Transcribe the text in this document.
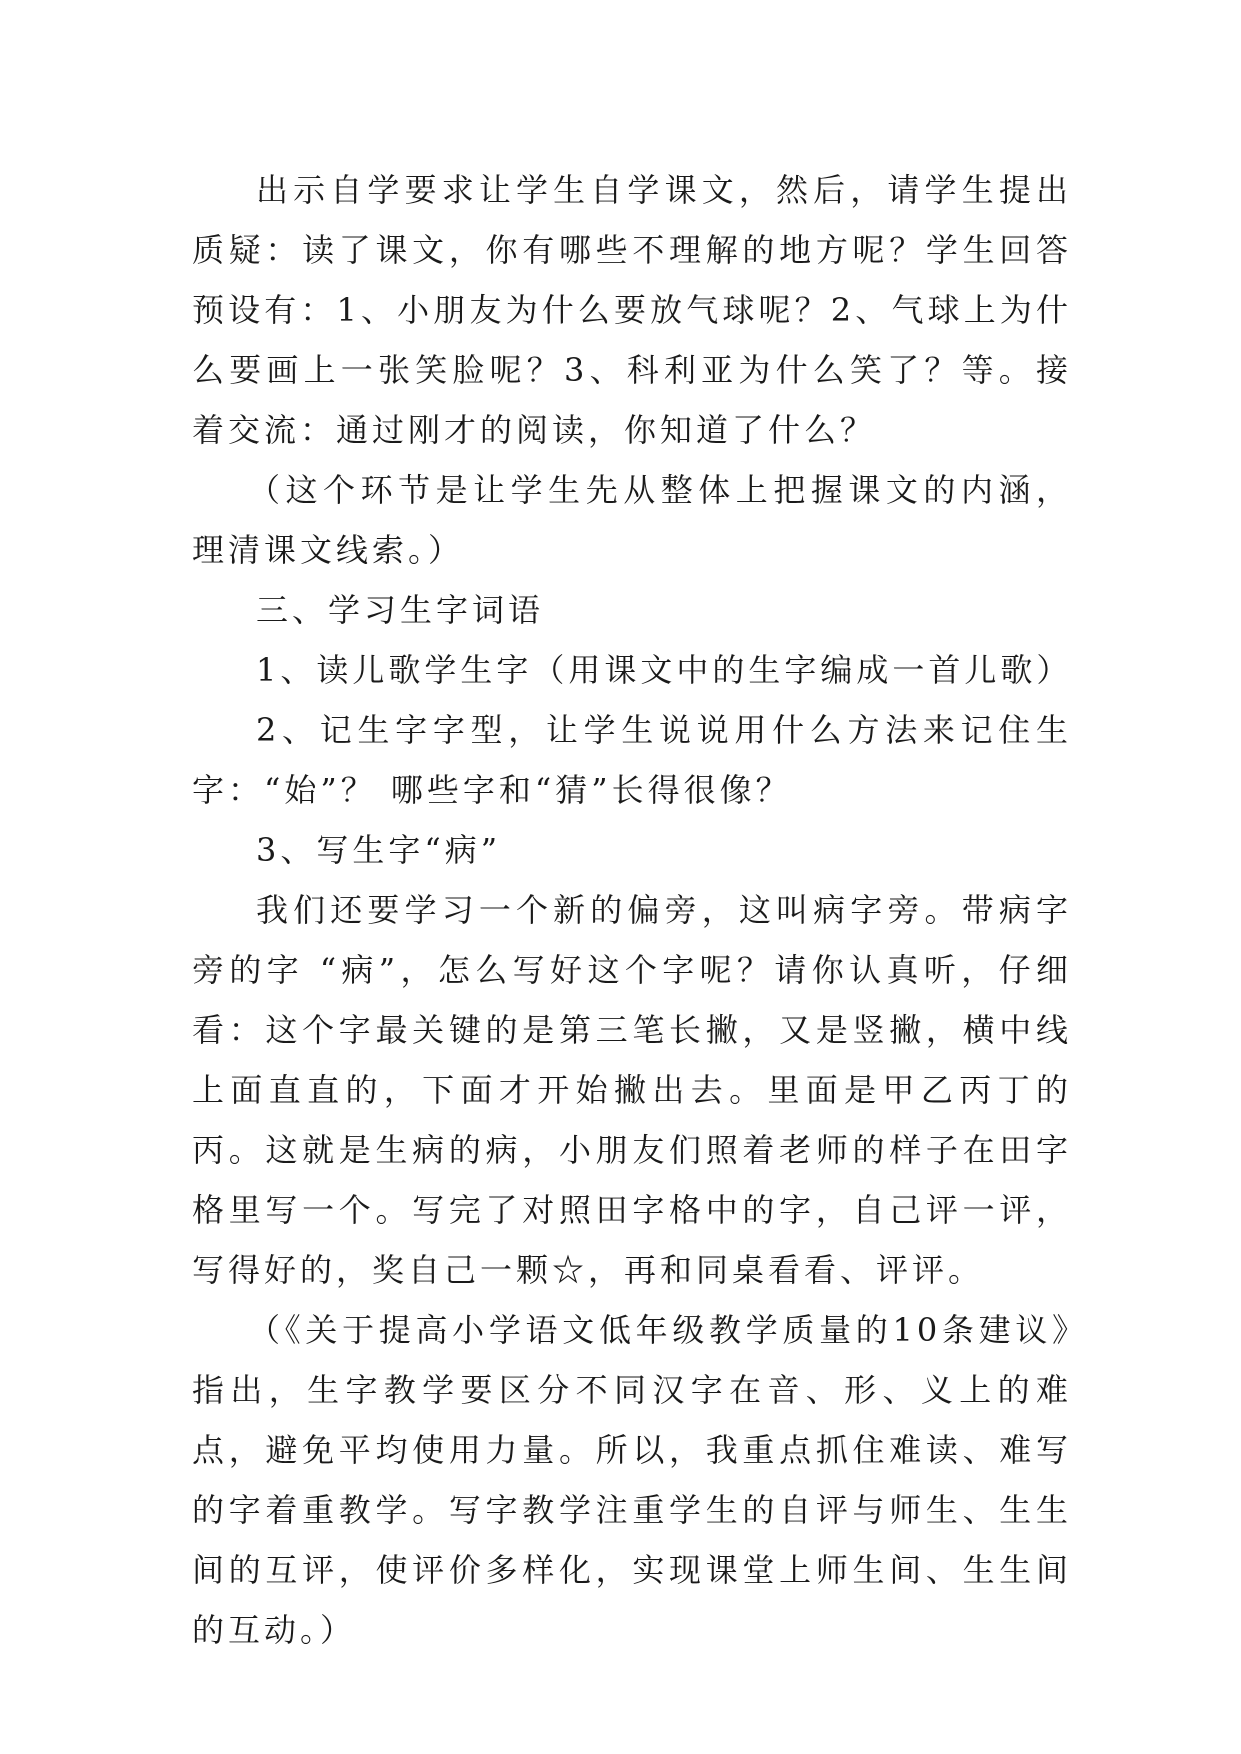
出示自学要求让学生自学课文，然后，请学生提出质疑：读了课文，你有哪些不理解的地方呢？学生回答预设有：1、小朋友为什么要放气球呢？2、气球上为什么要画上一张笑脸呢？3、科利亚为什么笑了？等。接着交流：通过刚才的阅读，你知道了什么？

（这个环节是让学生先从整体上把握课文的内涵，理清课文线索。）

三、学习生字词语

1、读儿歌学生字（用课文中的生字编成一首儿歌）

2、记生字字型，让学生说说用什么方法来记住生字：“始”？ 哪些字和“猜”长得很像？

3、写生字“病”

我们还要学习一个新的偏旁，这叫病字旁。带病字旁的字 “病”，怎么写好这个字呢？请你认真听，仔细看：这个字最关键的是第三笔长撇，又是竖撇，横中线上面直直的，下面才开始撇出去。里面是甲乙丙丁的丙。这就是生病的病，小朋友们照着老师的样子在田字格里写一个。写完了对照田字格中的字，自己评一评，写得好的，奖自己一颗☆，再和同桌看看、评评。

（《关于提高小学语文低年级教学质量的10条建议》指出，生字教学要区分不同汉字在音、形、义上的难点，避免平均使用力量。所以，我重点抓住难读、难写的字着重教学。写字教学注重学生的自评与师生、生生间的互评，使评价多样化，实现课堂上师生间、生生间的互动。）
